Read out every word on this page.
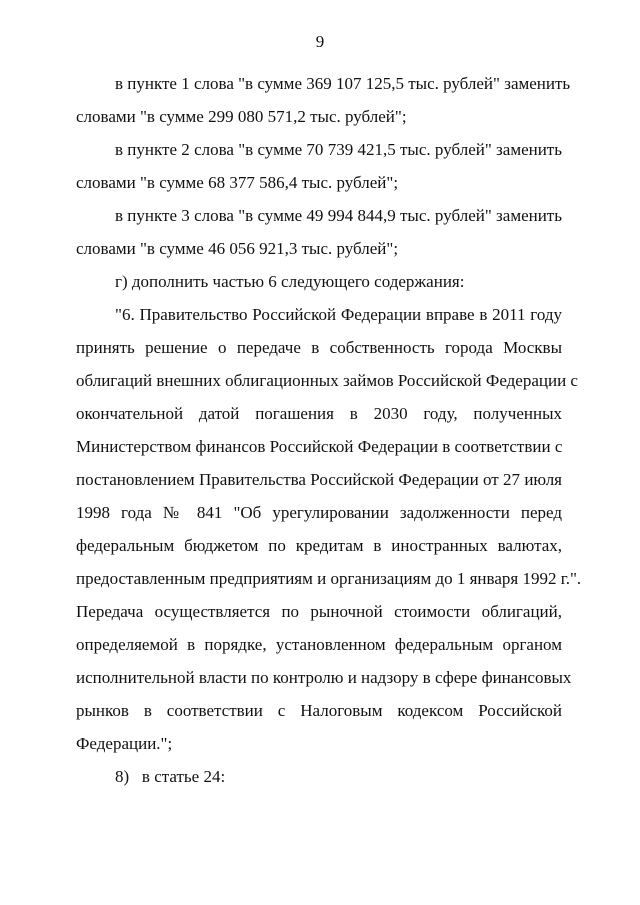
9
в пункте 1 слова "в сумме 369 107 125,5 тыс. рублей" заменить
словами "в сумме 299 080 571,2 тыс. рублей";
в пункте 2 слова "в сумме 70 739 421,5 тыс. рублей" заменить
словами "в сумме 68 377 586,4 тыс. рублей";
в пункте 3 слова "в сумме 49 994 844,9 тыс. рублей" заменить
словами "в сумме 46 056 921,3 тыс. рублей";
г) дополнить частью 6 следующего содержания:
"6. Правительство Российской Федерации вправе в 2011 году
принять решение о передаче в собственность города Москвы
облигаций внешних облигационных займов Российской Федерации с
окончательной датой погашения в 2030 году, полученных
Министерством финансов Российской Федерации в соответствии с
постановлением Правительства Российской Федерации от 27 июля
1998 года № 841 "Об урегулировании задолженности перед
федеральным бюджетом по кредитам в иностранных валютах,
предоставленным предприятиям и организациям до 1 января 1992 г.".
Передача осуществляется по рыночной стоимости облигаций,
определяемой в порядке, установленном федеральным органом
исполнительной власти по контролю и надзору в сфере финансовых
рынков в соответствии с Налоговым кодексом Российской
Федерации.";
8)   в статье 24:
